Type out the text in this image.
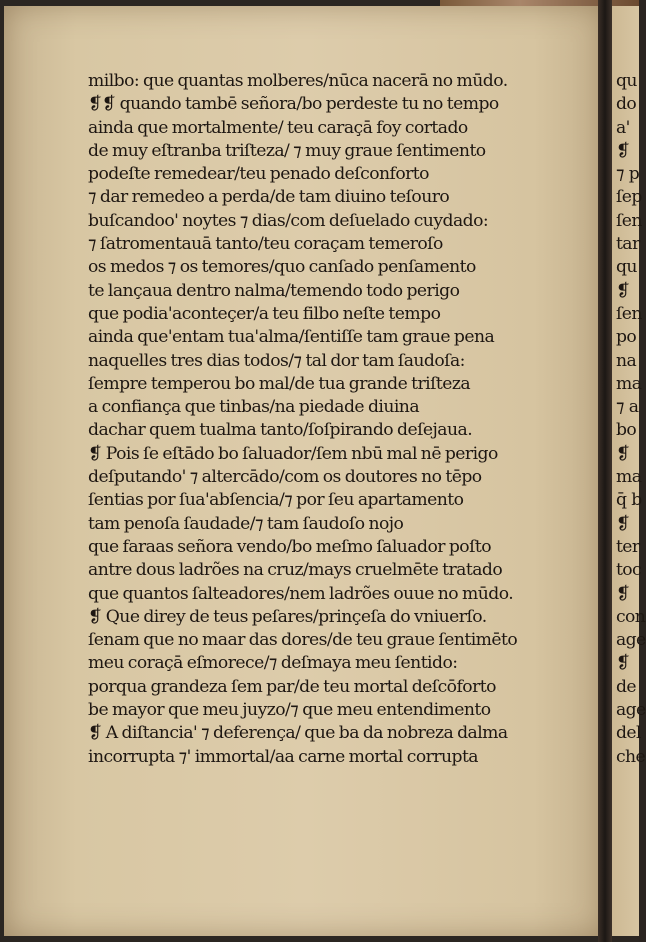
milbo: que quantas molberes/nūca nacerā no mūdo.
❡❡ quando tambē señora/bo perdeste tu no tempo
ainda que mortalmente/ teu caraçā foy cortado
de muy eſtranba triſteza/ ⁊ muy graue ſentimento
podeſte remedear/teu penado deſconforto
⁊ dar remedeo a perda/de tam diuino teſouro
buſcandoo' noytes ⁊ dias/com deſuelado cuydado:
⁊ ſatromentauā tanto/teu coraçam temeroſo
os medos ⁊ os temores/quo canſado penſamento
te lançaua dentro nalma/temendo todo perigo
que podia'aconteçer/a teu filbo neſte tempo
ainda que'entam tua'alma/ſentiſſe tam graue pena
naquelles tres dias todos/⁊ tal dor tam ſaudoſa:
ſempre temperou bo mal/de tua grande triſteza
a confiança que tinbas/na piedade diuina
dachar quem tualma tanto/ſoſpirando deſejaua.
❡ Pois ſe eſtādo bo ſaluador/ſem nbū mal nē perigo
deſputando' ⁊ altercādo/com os doutores no tēpo
ſentias por ſua'abſencia/⁊ por ſeu apartamento
tam penoſa ſaudade/⁊ tam ſaudoſo nojo
que faraas señora vendo/bo meſmo ſaluador poſto
antre dous ladrões na cruz/mays cruelmēte tratado
que quantos ſalteadores/nem ladrões ouue no mūdo.
❡ Que direy de teus peſares/prinçeſa do vniuerſo.
ſenam que no maar das dores/de teu graue ſentimēto
meu coraçā eſmorece/⁊ deſmaya meu ſentido:
porqua grandeza ſem par/de teu mortal deſcōforto
be mayor que meu juyzo/⁊ que meu entendimento
❡ A diſtancia' ⁊ deferença/ que ba da nobreza dalma
incorrupta ⁊' immortal/aa carne mortal corrupta
qu
do
a'
❡
⁊ p
ſep
ſen
tar
qu
❡
ſen
po
na
ma
⁊ a
bo
❡
ma
q̄ b
❡
ter
toc
❡
con
age
❡
de
age
del
che
